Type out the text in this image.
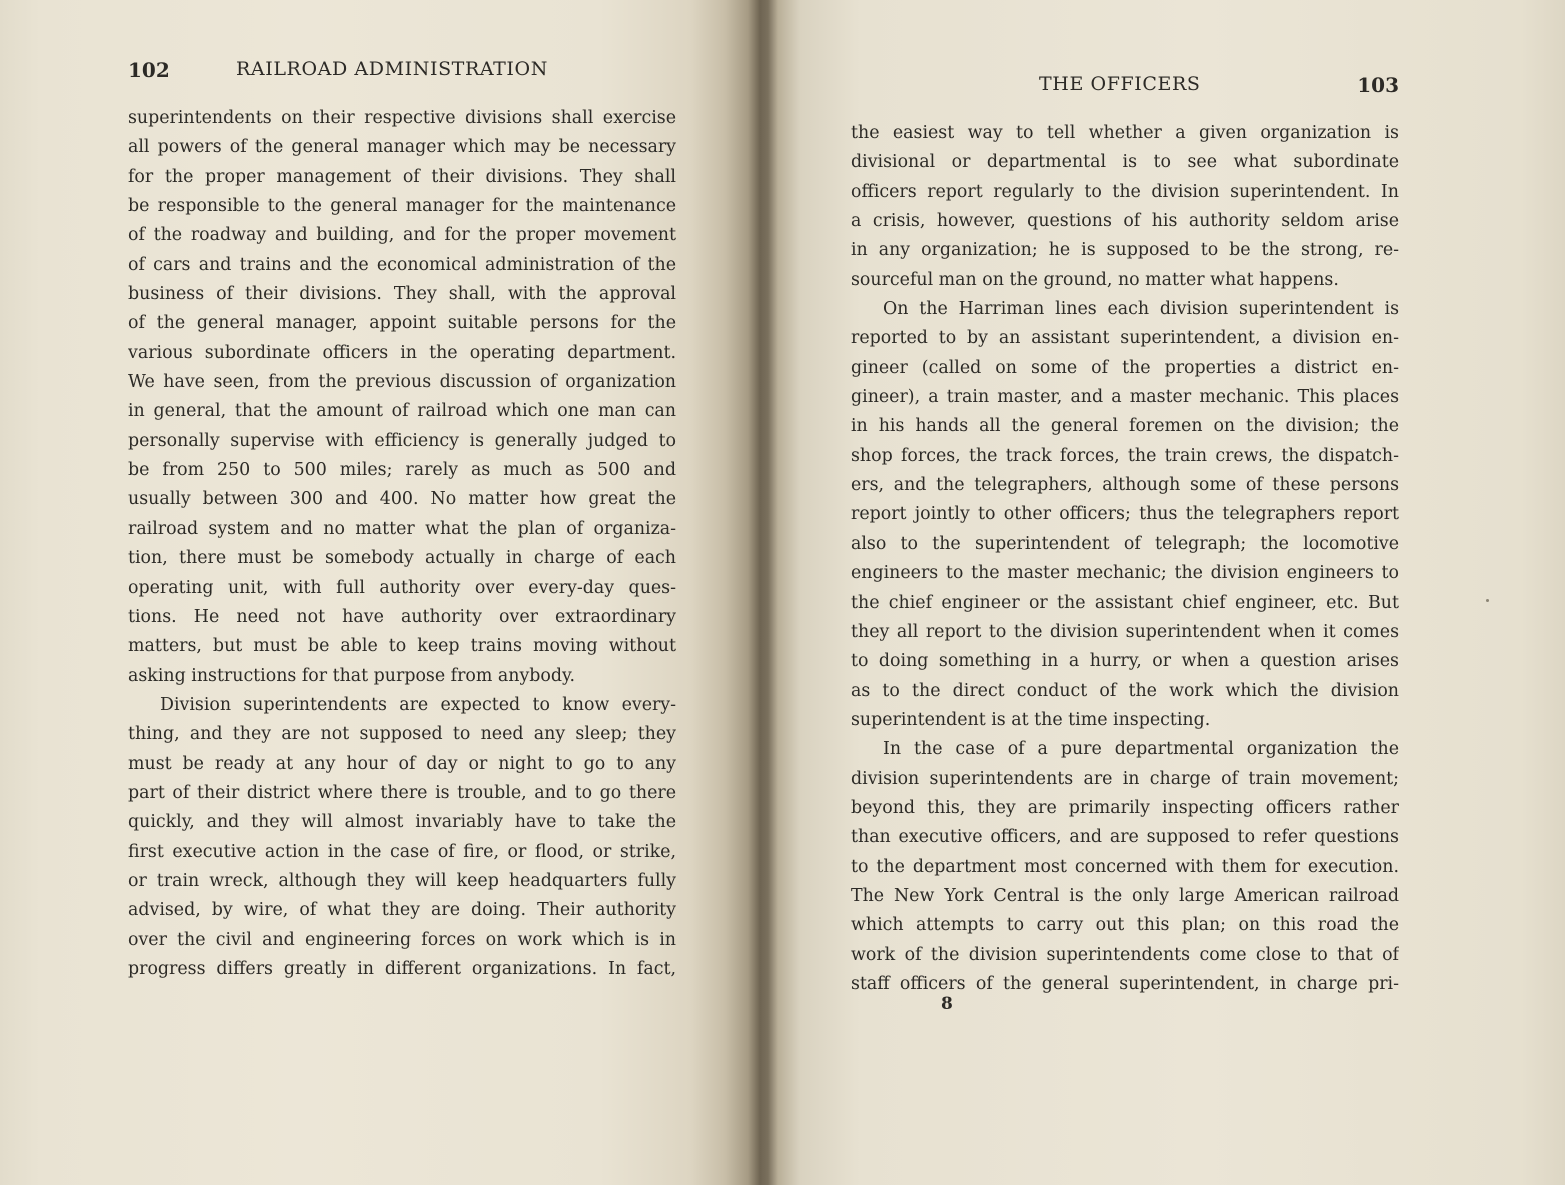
102	RAILROAD ADMINISTRATION
superintendents on their respective divisions shall exercise
all powers of the general manager which may be necessary
for the proper management of their divisions. They shall
be responsible to the general manager for the maintenance
of the roadway and building, and for the proper movement
of cars and trains and the economical administration of the
business of their divisions. They shall, with the approval
of the general manager, appoint suitable persons for the
various subordinate officers in the operating department.
We have seen, from the previous discussion of organization
in general, that the amount of railroad which one man can
personally supervise with efficiency is generally judged to
be from 250 to 500 miles; rarely as much as 500 and
usually between 300 and 400. No matter how great the
railroad system and no matter what the plan of organiza-
tion, there must be somebody actually in charge of each
operating unit, with full authority over every-day ques-
tions. He need not have authority over extraordinary
matters, but must be able to keep trains moving without
asking instructions for that purpose from anybody.
Division superintendents are expected to know every-
thing, and they are not supposed to need any sleep; they
must be ready at any hour of day or night to go to any
part of their district where there is trouble, and to go there
quickly, and they will almost invariably have to take the
first executive action in the case of fire, or flood, or strike,
or train wreck, although they will keep headquarters fully
advised, by wire, of what they are doing. Their authority
over the civil and engineering forces on work which is in
progress differs greatly in different organizations. In fact,
THE OFFICERS	103
the easiest way to tell whether a given organization is
divisional or departmental is to see what subordinate
officers report regularly to the division superintendent. In
a crisis, however, questions of his authority seldom arise
in any organization; he is supposed to be the strong, re-
sourceful man on the ground, no matter what happens.
On the Harriman lines each division superintendent is
reported to by an assistant superintendent, a division en-
gineer (called on some of the properties a district en-
gineer), a train master, and a master mechanic. This places
in his hands all the general foremen on the division; the
shop forces, the track forces, the train crews, the dispatch-
ers, and the telegraphers, although some of these persons
report jointly to other officers; thus the telegraphers report
also to the superintendent of telegraph; the locomotive
engineers to the master mechanic; the division engineers to
the chief engineer or the assistant chief engineer, etc. But
they all report to the division superintendent when it comes
to doing something in a hurry, or when a question arises
as to the direct conduct of the work which the division
superintendent is at the time inspecting.
In the case of a pure departmental organization the
division superintendents are in charge of train movement;
beyond this, they are primarily inspecting officers rather
than executive officers, and are supposed to refer questions
to the department most concerned with them for execution.
The New York Central is the only large American railroad
which attempts to carry out this plan; on this road the
work of the division superintendents come close to that of
staff officers of the general superintendent, in charge pri-
8
